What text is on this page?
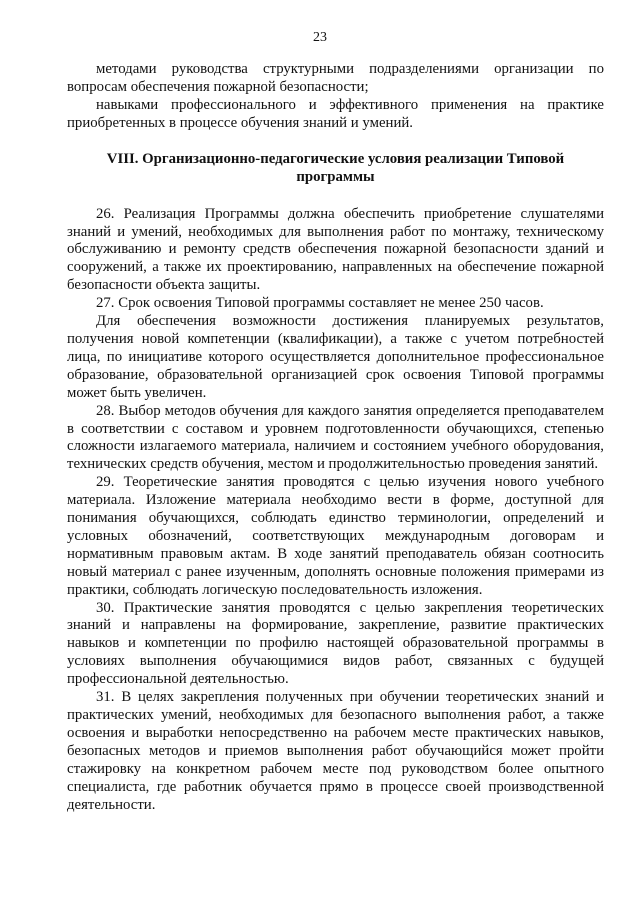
23

методами руководства структурными подразделениями организации по вопросам обеспечения пожарной безопасности;

навыками профессионального и эффективного применения на практике приобретенных в процессе обучения знаний и умений.

VIII. Организационно-педагогические условия реализации Типовой
программы

26. Реализация Программы должна обеспечить приобретение слушателями знаний и умений, необходимых для выполнения работ по монтажу, техническому обслуживанию и ремонту средств обеспечения пожарной безопасности зданий и сооружений, а также их проектированию, направленных на обеспечение пожарной безопасности объекта защиты.

27. Срок освоения Типовой программы составляет не менее 250 часов.

Для обеспечения возможности достижения планируемых результатов, получения новой компетенции (квалификации), а также с учетом потребностей лица, по инициативе которого осуществляется дополнительное профессиональное образование, образовательной организацией срок освоения Типовой программы может быть увеличен.

28. Выбор методов обучения для каждого занятия определяется преподавателем в соответствии с составом и уровнем подготовленности обучающихся, степенью сложности излагаемого материала, наличием и состоянием учебного оборудования, технических средств обучения, местом и продолжительностью проведения занятий.

29. Теоретические занятия проводятся с целью изучения нового учебного материала. Изложение материала необходимо вести в форме, доступной для понимания обучающихся, соблюдать единство терминологии, определений и условных обозначений, соответствующих международным договорам и нормативным правовым актам. В ходе занятий преподаватель обязан соотносить новый материал с ранее изученным, дополнять основные положения примерами из практики, соблюдать логическую последовательность изложения.

30. Практические занятия проводятся с целью закрепления теоретических знаний и направлены на формирование, закрепление, развитие практических навыков и компетенции по профилю настоящей образовательной программы в условиях выполнения обучающимися видов работ, связанных с будущей профессиональной деятельностью.

31. В целях закрепления полученных при обучении теоретических знаний и практических умений, необходимых для безопасного выполнения работ, а также освоения и выработки непосредственно на рабочем месте практических навыков, безопасных методов и приемов выполнения работ обучающийся может пройти стажировку на конкретном рабочем месте под руководством более опытного специалиста, где работник обучается прямо в процессе своей производственной деятельности.
